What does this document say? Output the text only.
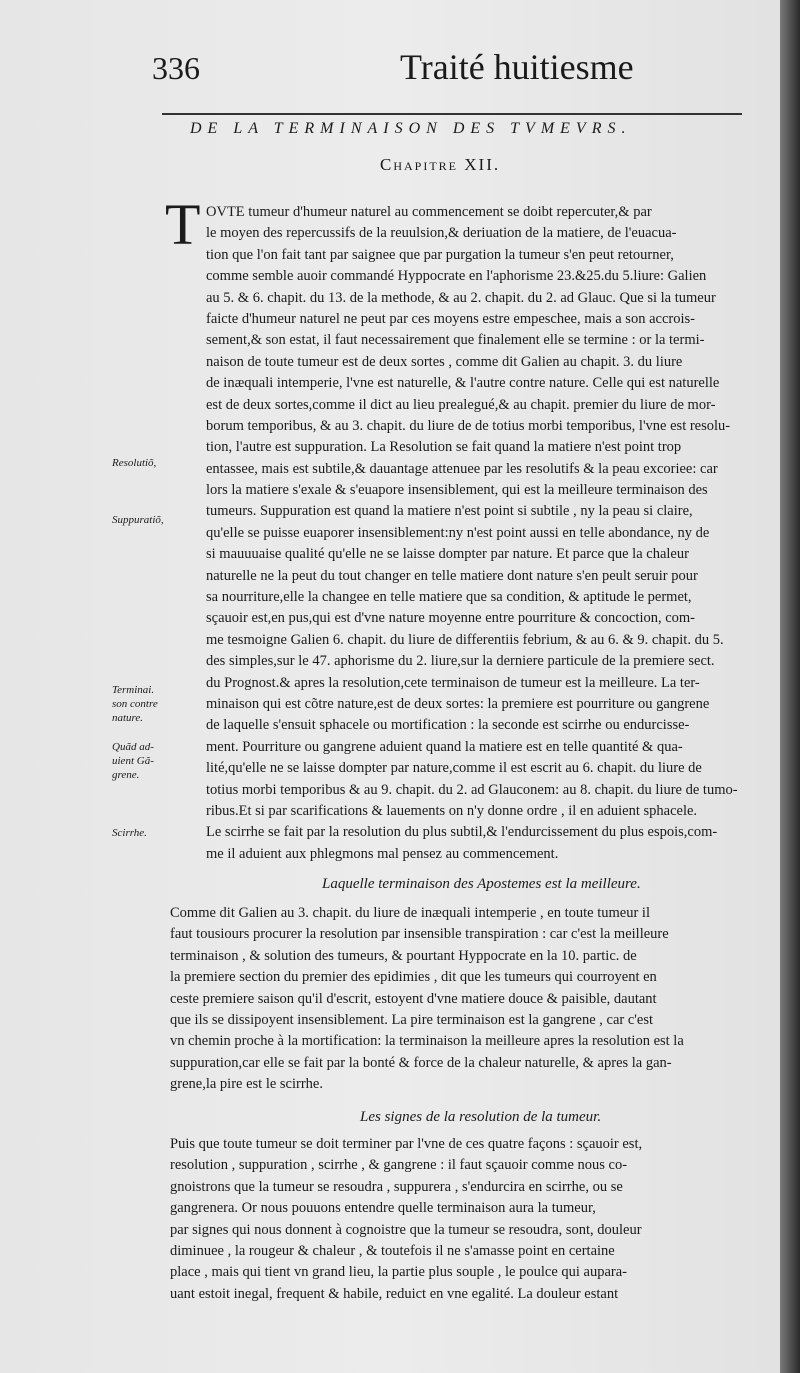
336	Traité huitiesme
DE LA TERMINAISON DES TVMEVRS.
Chapitre XII.
T OVTE tumeur d'humeur naturel au commencement se doibt repercuter,& par
le moyen des repercussifs de la reuulsion,& deriuation de la matiere, de l'euacua-
tion que l'on fait tant par saignee que par purgation la tumeur s'en peut retourner,
comme semble auoir commandé Hyppocrate en l'aphorisme 23.&25.du 5.liure: Galien
au 5. & 6. chapit. du 13. de la methode, & au 2. chapit. du 2. ad Glauc. Que si la tumeur
faicte d'humeur naturel ne peut par ces moyens estre empeschee, mais a son accrois-
sement,& son estat, il faut necessairement que finalement elle se termine : or la termi-
naison de toute tumeur est de deux sortes , comme dit Galien au chapit. 3. du liure
de inæquali intemperie, l'vne est naturelle, & l'autre contre nature. Celle qui est naturelle
est de deux sortes,comme il dict au lieu prealegué,& au chapit. premier du liure de mor-
borum temporibus, & au 3. chapit. du liure de de totius morbi temporibus, l'vne est resolu-
tion, l'autre est suppuration. La Resolution se fait quand la matiere n'est point trop
entassee, mais est subtile,& dauantage attenuee par les resolutifs & la peau excoriee: car
lors la matiere s'exale & s'euapore insensiblement, qui est la meilleure terminaison des
tumeurs. Suppuration est quand la matiere n'est point si subtile , ny la peau si claire,
qu'elle se puisse euaporer insensiblement:ny n'est point aussi en telle abondance, ny de
si mauuuaise qualité qu'elle ne se laisse dompter par nature. Et parce que la chaleur
naturelle ne la peut du tout changer en telle matiere dont nature s'en peult seruir pour
sa nourriture,elle la changee en telle matiere que sa condition, & aptitude le permet,
sçauoir est,en pus,qui est d'vne nature moyenne entre pourriture & concoction, com-
me tesmoigne Galien 6. chapit. du liure de differentiis febrium, & au 6. & 9. chapit. du 5.
des simples,sur le 47. aphorisme du 2. liure,sur la derniere particule de la premiere sect.
du Prognost.& apres la resolution,cete terminaison de tumeur est la meilleure. La ter-
minaison qui est cõtre nature,est de deux sortes: la premiere est pourriture ou gangrene
de laquelle s'ensuit sphacele ou mortification : la seconde est scirrhe ou endurcisse-
ment. Pourriture ou gangrene aduient quand la matiere est en telle quantité & qua-
lité,qu'elle ne se laisse dompter par nature,comme il est escrit au 6. chapit. du liure de
totius morbi temporibus & au 9. chapit. du 2. ad Glauconem: au 8. chapit. du liure de tumo-
ribus.Et si par scarifications & lauements on n'y donne ordre , il en aduient sphacele.
Le scirrhe se fait par la resolution du plus subtil,& l'endurcissement du plus espois,com-
me il aduient aux phlegmons mal pensez au commencement.
Resolutiõ,
Suppuratiõ,
Terminai.
son contre
nature.
Quãd ad-
uient Gã-
grene.
Scirrhe.
Laquelle terminaison des Apostemes est la meilleure.
Comme dit Galien au 3. chapit. du liure de inæquali intemperie , en toute tumeur il
faut tousiours procurer la resolution par insensible transpiration : car c'est la meilleure
terminaison , & solution des tumeurs, & pourtant Hyppocrate en la 10. partic. de
la premiere section du premier des epidimies , dit que les tumeurs qui courroyent en
ceste premiere saison qu'il d'escrit, estoyent d'vne matiere douce & paisible, dautant
que ils se dissipoyent insensiblement. La pire terminaison est la gangrene , car c'est
vn chemin proche à la mortification: la terminaison la meilleure apres la resolution est la
suppuration,car elle se fait par la bonté & force de la chaleur naturelle, & apres la gan-
grene,la pire est le scirrhe.
Les signes de la resolution de la tumeur.
Puis que toute tumeur se doit terminer par l'vne de ces quatre façons : sçauoir est,
resolution , suppuration , scirrhe , & gangrene : il faut sçauoir comme nous co-
gnoistrons que la tumeur se resoudra , suppurera , s'endurcira en scirrhe, ou se
gangrenera. Or nous pouuons entendre quelle terminaison aura la tumeur,
par signes qui nous donnent à cognoistre que la tumeur se resoudra, sont, douleur
diminuee , la rougeur & chaleur , & toutefois il ne s'amasse point en certaine
place , mais qui tient vn grand lieu, la partie plus souple , le poulce qui aupara-
uant estoit inegal, frequent & habile, reduict en vne egalité. La douleur estant
